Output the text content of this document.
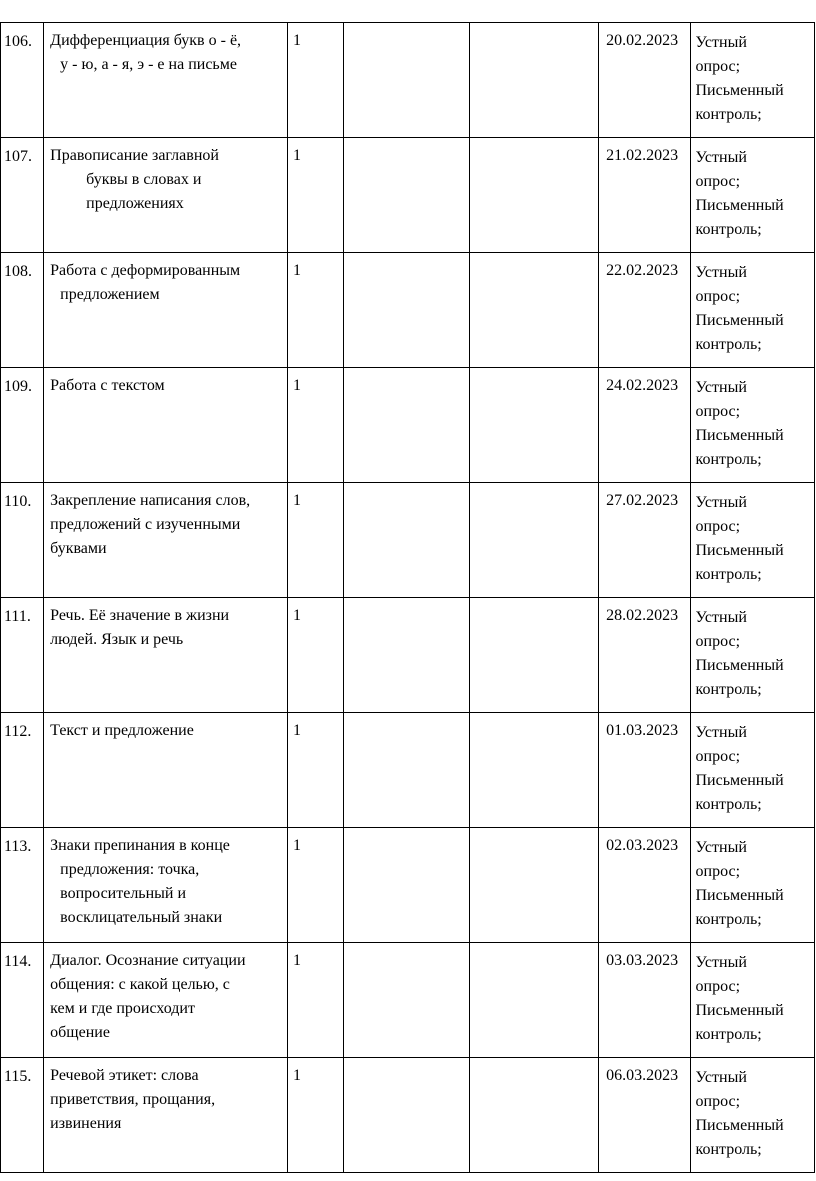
106.	Дифференциация букв о - ё,
у - ю, а - я, э - е на письме	1			20.02.2023	Устный
опрос;
Письменный
контроль;

107.	Правописание заглавной
буквы в словах и
предложениях	1			21.02.2023	Устный
опрос;
Письменный
контроль;

108.	Работа с деформированным
предложением	1			22.02.2023	Устный
опрос;
Письменный
контроль;

109.	Работа с текстом	1			24.02.2023	Устный
опрос;
Письменный
контроль;

110.	Закрепление написания слов,
предложений с изученными
буквами	1			27.02.2023	Устный
опрос;
Письменный
контроль;

111.	Речь. Её значение в жизни
людей. Язык и речь	1			28.02.2023	Устный
опрос;
Письменный
контроль;

112.	Текст и предложение	1			01.03.2023	Устный
опрос;
Письменный
контроль;

113.	Знаки препинания в конце
предложения: точка,
вопросительный и
восклицательный знаки	1			02.03.2023	Устный
опрос;
Письменный
контроль;

114.	Диалог. Осознание ситуации
общения: с какой целью, с
кем и где происходит
общение	1			03.03.2023	Устный
опрос;
Письменный
контроль;

115.	Речевой этикет: слова
приветствия, прощания,
извинения	1			06.03.2023	Устный
опрос;
Письменный
контроль;
